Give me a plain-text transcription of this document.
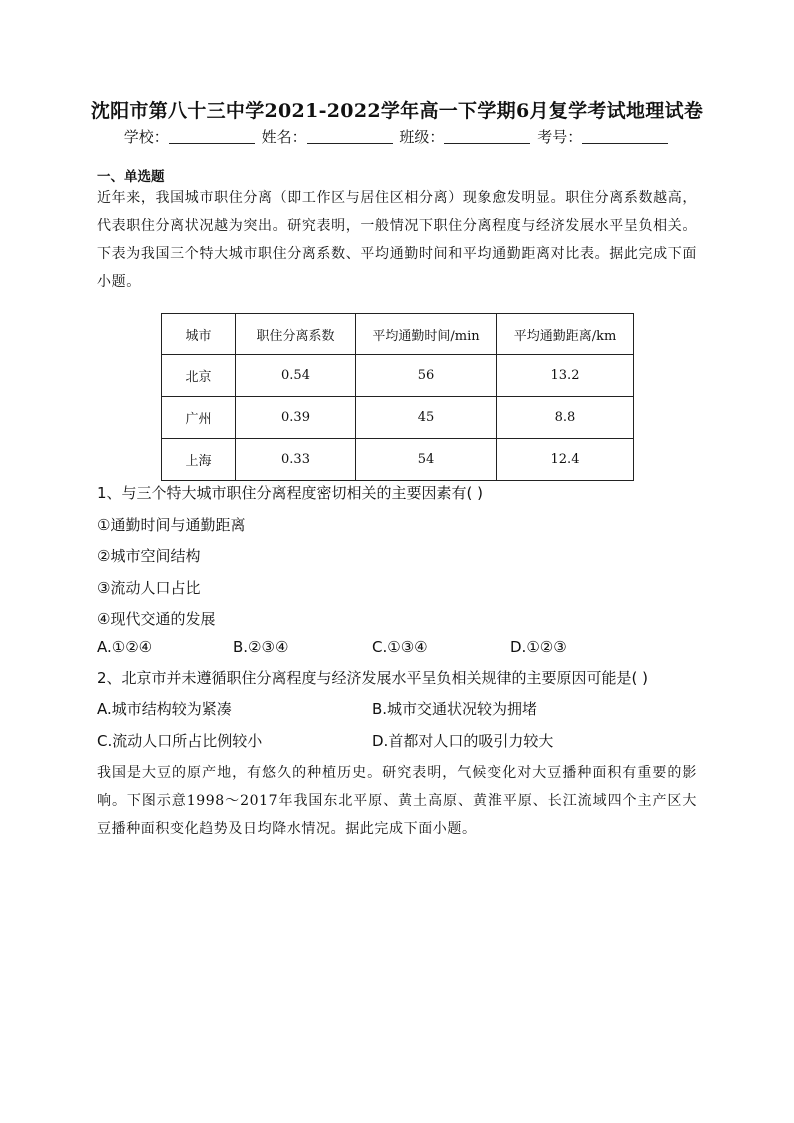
沈阳市第八十三中学2021-2022学年高一下学期6月复学考试地理试卷
学校：	姓名：	班级：	考号：
一、单选题
近年来，我国城市职住分离（即工作区与居住区相分离）现象愈发明显。职住分离系数越高，代表职住分离状况越为突出。研究表明，一般情况下职住分离程度与经济发展水平呈负相关。下表为我国三个特大城市职住分离系数、平均通勤时间和平均通勤距离对比表。据此完成下面小题。
城市	职住分离系数	平均通勤时间/min	平均通勤距离/km
北京	0.54	56	13.2
广州	0.39	45	8.8
上海	0.33	54	12.4
1、与三个特大城市职住分离程度密切相关的主要因素有( )
①通勤时间与通勤距离
②城市空间结构
③流动人口占比
④现代交通的发展
A.①②④	B.②③④	C.①③④	D.①②③
2、北京市并未遵循职住分离程度与经济发展水平呈负相关规律的主要原因可能是( )
A.城市结构较为紧凑	B.城市交通状况较为拥堵
C.流动人口所占比例较小	D.首都对人口的吸引力较大
我国是大豆的原产地，有悠久的种植历史。研究表明，气候变化对大豆播种面积有重要的影响。下图示意1998～2017年我国东北平原、黄土高原、黄淮平原、长江流域四个主产区大豆播种面积变化趋势及日均降水情况。据此完成下面小题。
